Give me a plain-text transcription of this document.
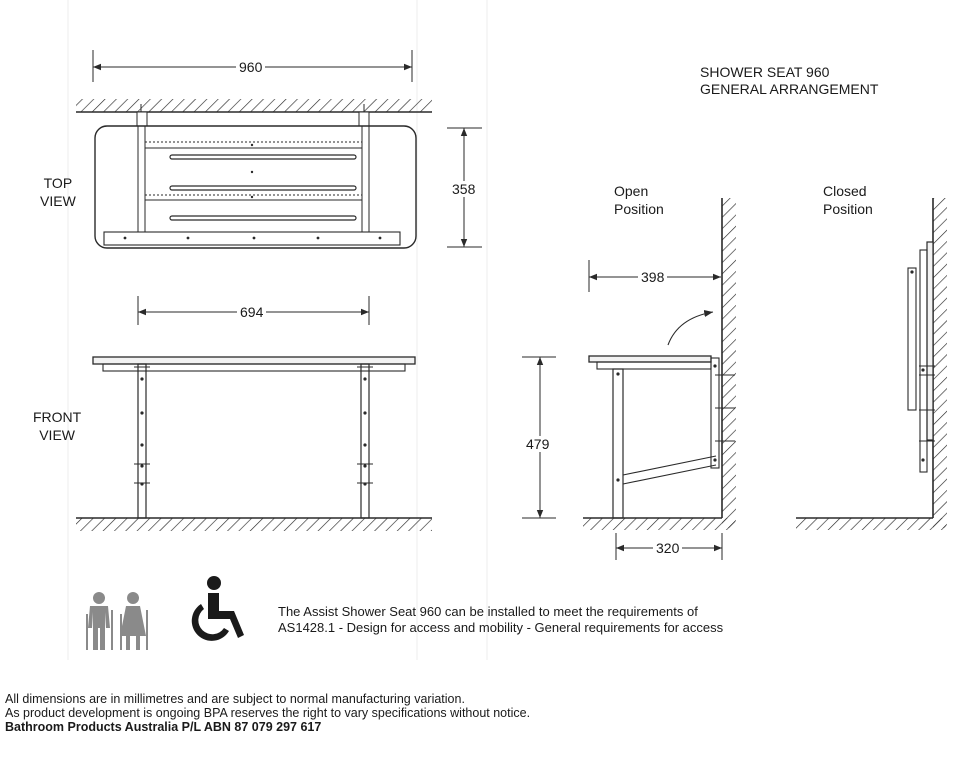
SHOWER SEAT 960
GENERAL ARRANGEMENT
TOP
VIEW
FRONT
VIEW
Open
Position
Closed
Position
960
358
694
398
479
320
The Assist Shower Seat 960 can be installed to meet the requirements of
AS1428.1 - Design for access and mobility - General requirements for access
All dimensions are in millimetres and are subject to normal manufacturing variation.
As product development is ongoing BPA reserves the right to vary specifications without notice.
Bathroom Products Australia P/L ABN 87 079 297 617
